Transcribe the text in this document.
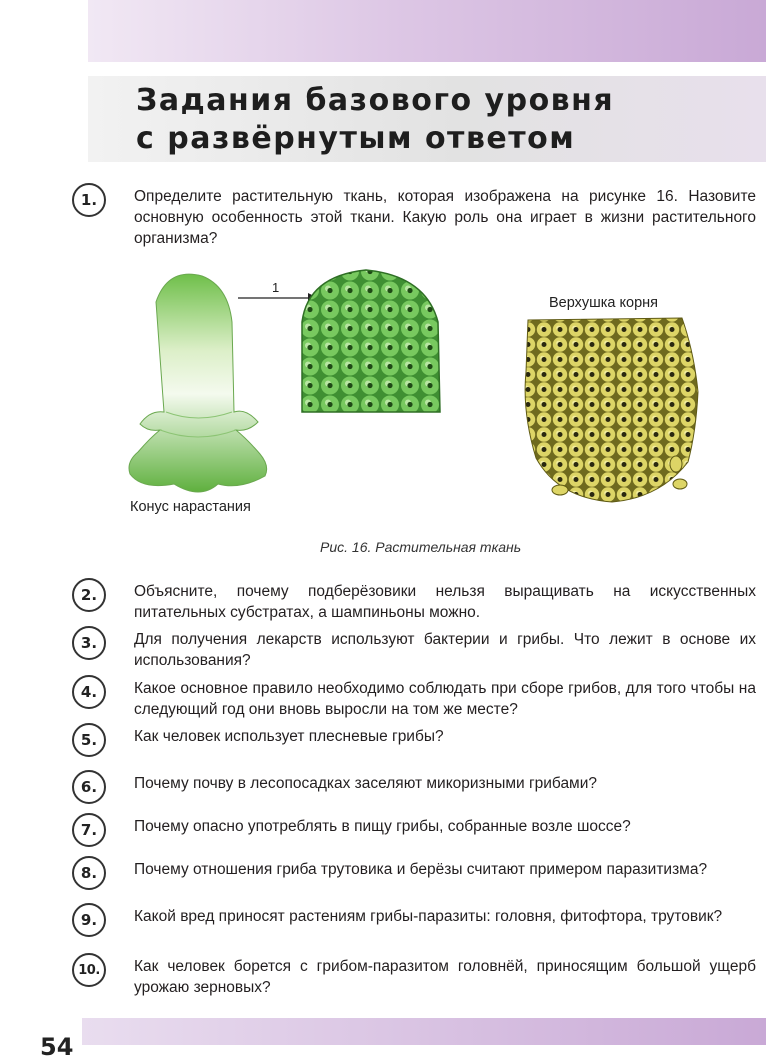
Задания базового уровня
с развёрнутым ответом
1.	Определите растительную ткань, которая изображена на рисунке 16. Назовите основную особенность этой ткани. Какую роль она играет в жизни растительного организма?
1
Верхушка корня
Конус нарастания
Рис. 16. Растительная ткань
2.	Объясните, почему подберёзовики нельзя выращивать на искусственных питательных субстратах, а шампиньоны можно.
3.	Для получения лекарств используют бактерии и грибы. Что лежит в основе их использования?
4.	Какое основное правило необходимо соблюдать при сборе грибов, для того чтобы на следующий год они вновь выросли на том же месте?
5.	Как человек использует плесневые грибы?
6.	Почему почву в лесопосадках заселяют микоризными грибами?
7.	Почему опасно употреблять в пищу грибы, собранные возле шоссе?
8.	Почему отношения гриба трутовика и берёзы считают примером паразитизма?
9.	Какой вред приносят растениям грибы-паразиты: головня, фитофтора, трутовик?
10.	Как человек борется с грибом-паразитом головнёй, приносящим большой ущерб урожаю зерновых?
54
